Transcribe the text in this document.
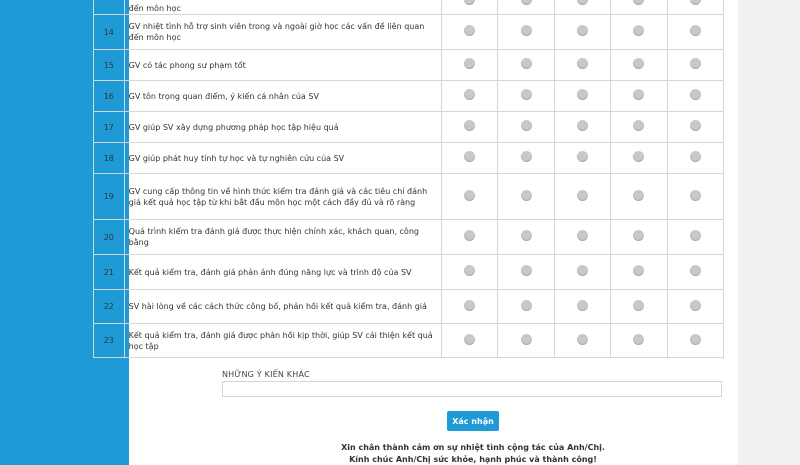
	đến môn học					
14	GV nhiệt tình hỗ trợ sinh viên trong và ngoài giờ học các vấn đề liên quan đến môn học					
15	GV có tác phong sư phạm tốt					
16	GV tôn trọng quan điểm, ý kiến cá nhân của SV					
17	GV giúp SV xây dựng phương pháp học tập hiệu quả					
18	GV giúp phát huy tính tự học và tự nghiên cứu của SV					
19	GV cung cấp thông tin về hình thức kiểm tra đánh giá và các tiêu chí đánh giá kết quả học tập từ khi bắt đầu môn học một cách đầy đủ và rõ ràng					
20	Quá trình kiểm tra đánh giá được thực hiện chính xác, khách quan, công bằng					
21	Kết quả kiểm tra, đánh giá phản ánh đúng năng lực và trình độ của SV					
22	SV hài lòng về các cách thức công bố, phản hồi kết quả kiểm tra, đánh giá					
23	Kết quả kiểm tra, đánh giá được phản hồi kịp thời, giúp SV cải thiện kết quả học tập					
NHỮNG Ý KIẾN KHÁC
Xác nhận
Xin chân thành cảm ơn sự nhiệt tình cộng tác của Anh/Chị.
Kính chúc Anh/Chị sức khỏe, hạnh phúc và thành công!
